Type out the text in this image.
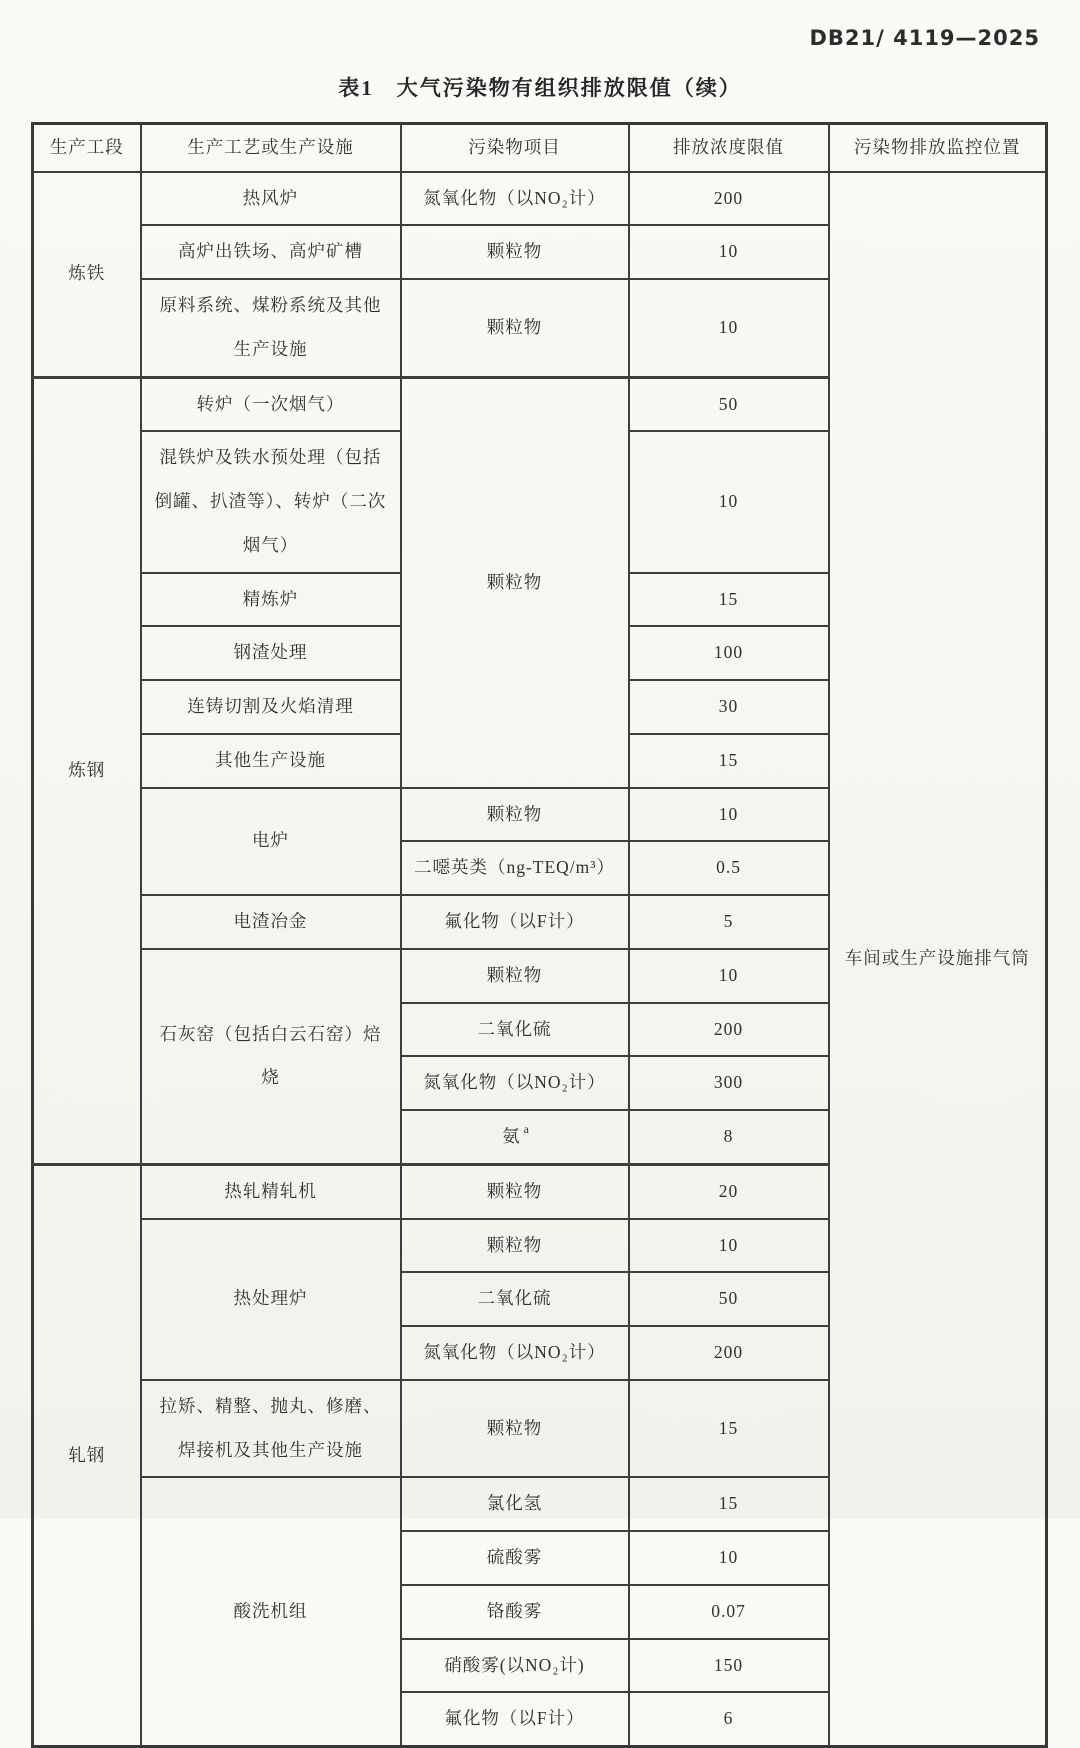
DB21/ 4119—2025
表1　大气污染物有组织排放限值（续）
生产工段	生产工艺或生产设施	污染物项目	排放浓度限值	污染物排放监控位置
炼铁	热风炉	氮氧化物（以NO₂计）	200	车间或生产设施排气筒
	高炉出铁场、高炉矿槽	颗粒物	10	
	原料系统、煤粉系统及其他生产设施	颗粒物	10	
炼钢	转炉（一次烟气）	颗粒物	50	
	混铁炉及铁水预处理（包括倒罐、扒渣等）、转炉（二次烟气）		10	
	精炼炉		15	
	钢渣处理		100	
	连铸切割及火焰清理		30	
	其他生产设施		15	
	电炉	颗粒物	10	
		二噁英类（ng-TEQ/m³）	0.5	
	电渣冶金	氟化物（以F计）	5	
	石灰窑（包括白云石窑）焙烧	颗粒物	10	
		二氧化硫	200	
		氮氧化物（以NO₂计）	300	
		氨 $^a$	8	
轧钢	热轧精轧机	颗粒物	20	
	热处理炉	颗粒物	10	
		二氧化硫	50	
		氮氧化物（以NO₂计）	200	
	拉矫、精整、抛丸、修磨、焊接机及其他生产设施	颗粒物	15	
	酸洗机组	氯化氢	15	
		硫酸雾	10	
		铬酸雾	0.07	
		硝酸雾(以NO₂计)	150	
		氟化物（以F计）	6	
